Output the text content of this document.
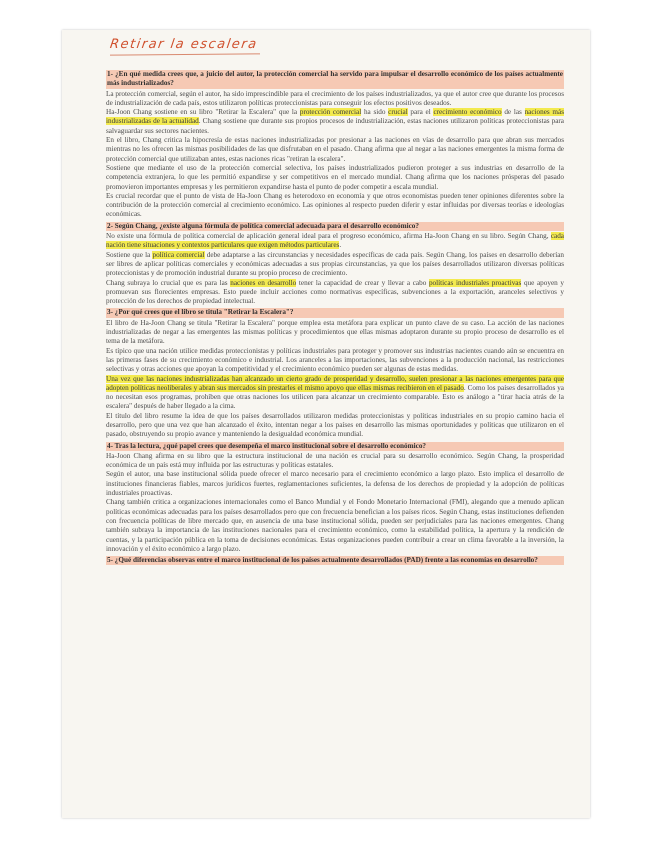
Retirar la escalera
1- ¿En qué medida crees que, a juicio del autor, la protección comercial ha servido para impulsar el desarrollo económico de los países actualmente más industrializados?
La protección comercial, según el autor, ha sido imprescindible para el crecimiento de los países industrializados, ya que el autor cree que durante los procesos de industrialización de cada país, estos utilizaron políticas proteccionistas para conseguir los efectos positivos deseados.
Ha-Joon Chang sostiene en su libro "Retirar la Escalera" que la protección comercial ha sido crucial para el crecimiento económico de las naciones más industrializadas de la actualidad. Chang sostiene que durante sus propios procesos de industrialización, estas naciones utilizaron políticas proteccionistas para salvaguardar sus sectores nacientes.
En el libro, Chang critica la hipocresía de estas naciones industrializadas por presionar a las naciones en vías de desarrollo para que abran sus mercados mientras no les ofrecen las mismas posibilidades de las que disfrutaban en el pasado. Chang afirma que al negar a las naciones emergentes la misma forma de protección comercial que utilizaban antes, estas naciones ricas "retiran la escalera".
Sostiene que mediante el uso de la protección comercial selectiva, los países industrializados pudieron proteger a sus industrias en desarrollo de la competencia extranjera, lo que les permitió expandirse y ser competitivos en el mercado mundial. Chang afirma que los naciones prósperas del pasado promovieron importantes empresas y les permitieron expandirse hasta el punto de poder competir a escala mundial.
Es crucial recordar que el punto de vista de Ha-Joon Chang es heterodoxo en economía y que otros economistas pueden tener opiniones diferentes sobre la contribución de la protección comercial al crecimiento económico. Las opiniones al respecto pueden diferir y estar influidas por diversas teorías e ideologías económicas.
2- Según Chang, ¿existe alguna fórmula de política comercial adecuada para el desarrollo económico?
No existe una fórmula de política comercial de aplicación general ideal para el progreso económico, afirma Ha-Joon Chang en su libro. Según Chang, cada nación tiene situaciones y contextos particulares que exigen métodos particulares.
Sostiene que la política comercial debe adaptarse a las circunstancias y necesidades específicas de cada país. Según Chang, los países en desarrollo deberían ser libres de aplicar políticas comerciales y económicas adecuadas a sus propias circunstancias, ya que los países desarrollados utilizaron diversas políticas proteccionistas y de promoción industrial durante su propio proceso de crecimiento.
Chang subraya lo crucial que es para las naciones en desarrollo tener la capacidad de crear y llevar a cabo políticas industriales proactivas que apoyen y promuevan sus florecientes empresas. Esto puede incluir acciones como normativas específicas, subvenciones a la exportación, aranceles selectivos y protección de los derechos de propiedad intelectual.
3- ¿Por qué crees que el libro se titula "Retirar la Escalera"?
El libro de Ha-Joon Chang se titula "Retirar la Escalera" porque emplea esta metáfora para explicar un punto clave de su caso. La acción de las naciones industrializadas de negar a las emergentes las mismas políticas y procedimientos que ellas mismas adoptaron durante su propio proceso de desarrollo es el tema de la metáfora.
Es típico que una nación utilice medidas proteccionistas y políticas industriales para proteger y promover sus industrias nacientes cuando aún se encuentra en las primeras fases de su crecimiento económico e industrial. Los aranceles a las importaciones, las subvenciones a la producción nacional, las restricciones selectivas y otras acciones que apoyan la competitividad y el crecimiento económico pueden ser algunas de estas medidas.
Una vez que las naciones industrializadas han alcanzado un cierto grado de prosperidad y desarrollo, suelen presionar a las naciones emergentes para que adopten políticas neoliberales y abran sus mercados sin prestarles el mismo apoyo que ellas mismas recibieron en el pasado. Como los países desarrollados ya no necesitan esos programas, prohíben que otras naciones los utilicen para alcanzar un crecimiento comparable. Esto es análogo a "tirar hacia atrás de la escalera" después de haber llegado a la cima.
El título del libro resume la idea de que los países desarrollados utilizaron medidas proteccionistas y políticas industriales en su propio camino hacia el desarrollo, pero que una vez que han alcanzado el éxito, intentan negar a los países en desarrollo las mismas oportunidades y políticas que utilizaron en el pasado, obstruyendo su propio avance y manteniendo la desigualdad económica mundial.
4- Tras la lectura, ¿qué papel crees que desempeña el marco institucional sobre el desarrollo económico?
Ha-Joon Chang afirma en su libro que la estructura institucional de una nación es crucial para su desarrollo económico. Según Chang, la prosperidad económica de un país está muy influida por las estructuras y políticas estatales.
Según el autor, una base institucional sólida puede ofrecer el marco necesario para el crecimiento económico a largo plazo. Esto implica el desarrollo de instituciones financieras fiables, marcos jurídicos fuertes, reglamentaciones suficientes, la defensa de los derechos de propiedad y la adopción de políticas industriales proactivas.
Chang también critica a organizaciones internacionales como el Banco Mundial y el Fondo Monetario Internacional (FMI), alegando que a menudo aplican políticas económicas adecuadas para los países desarrollados pero que con frecuencia benefician a los países ricos. Según Chang, estas instituciones defienden con frecuencia políticas de libre mercado que, en ausencia de una base institucional sólida, pueden ser perjudiciales para las naciones emergentes. Chang también subraya la importancia de las instituciones nacionales para el crecimiento económico, como la estabilidad política, la apertura y la rendición de cuentas, y la participación pública en la toma de decisiones económicas. Estas organizaciones pueden contribuir a crear un clima favorable a la inversión, la innovación y el éxito económico a largo plazo.
5- ¿Qué diferencias observas entre el marco institucional de los países actualmente desarrollados (PAD) frente a las economías en desarrollo?
